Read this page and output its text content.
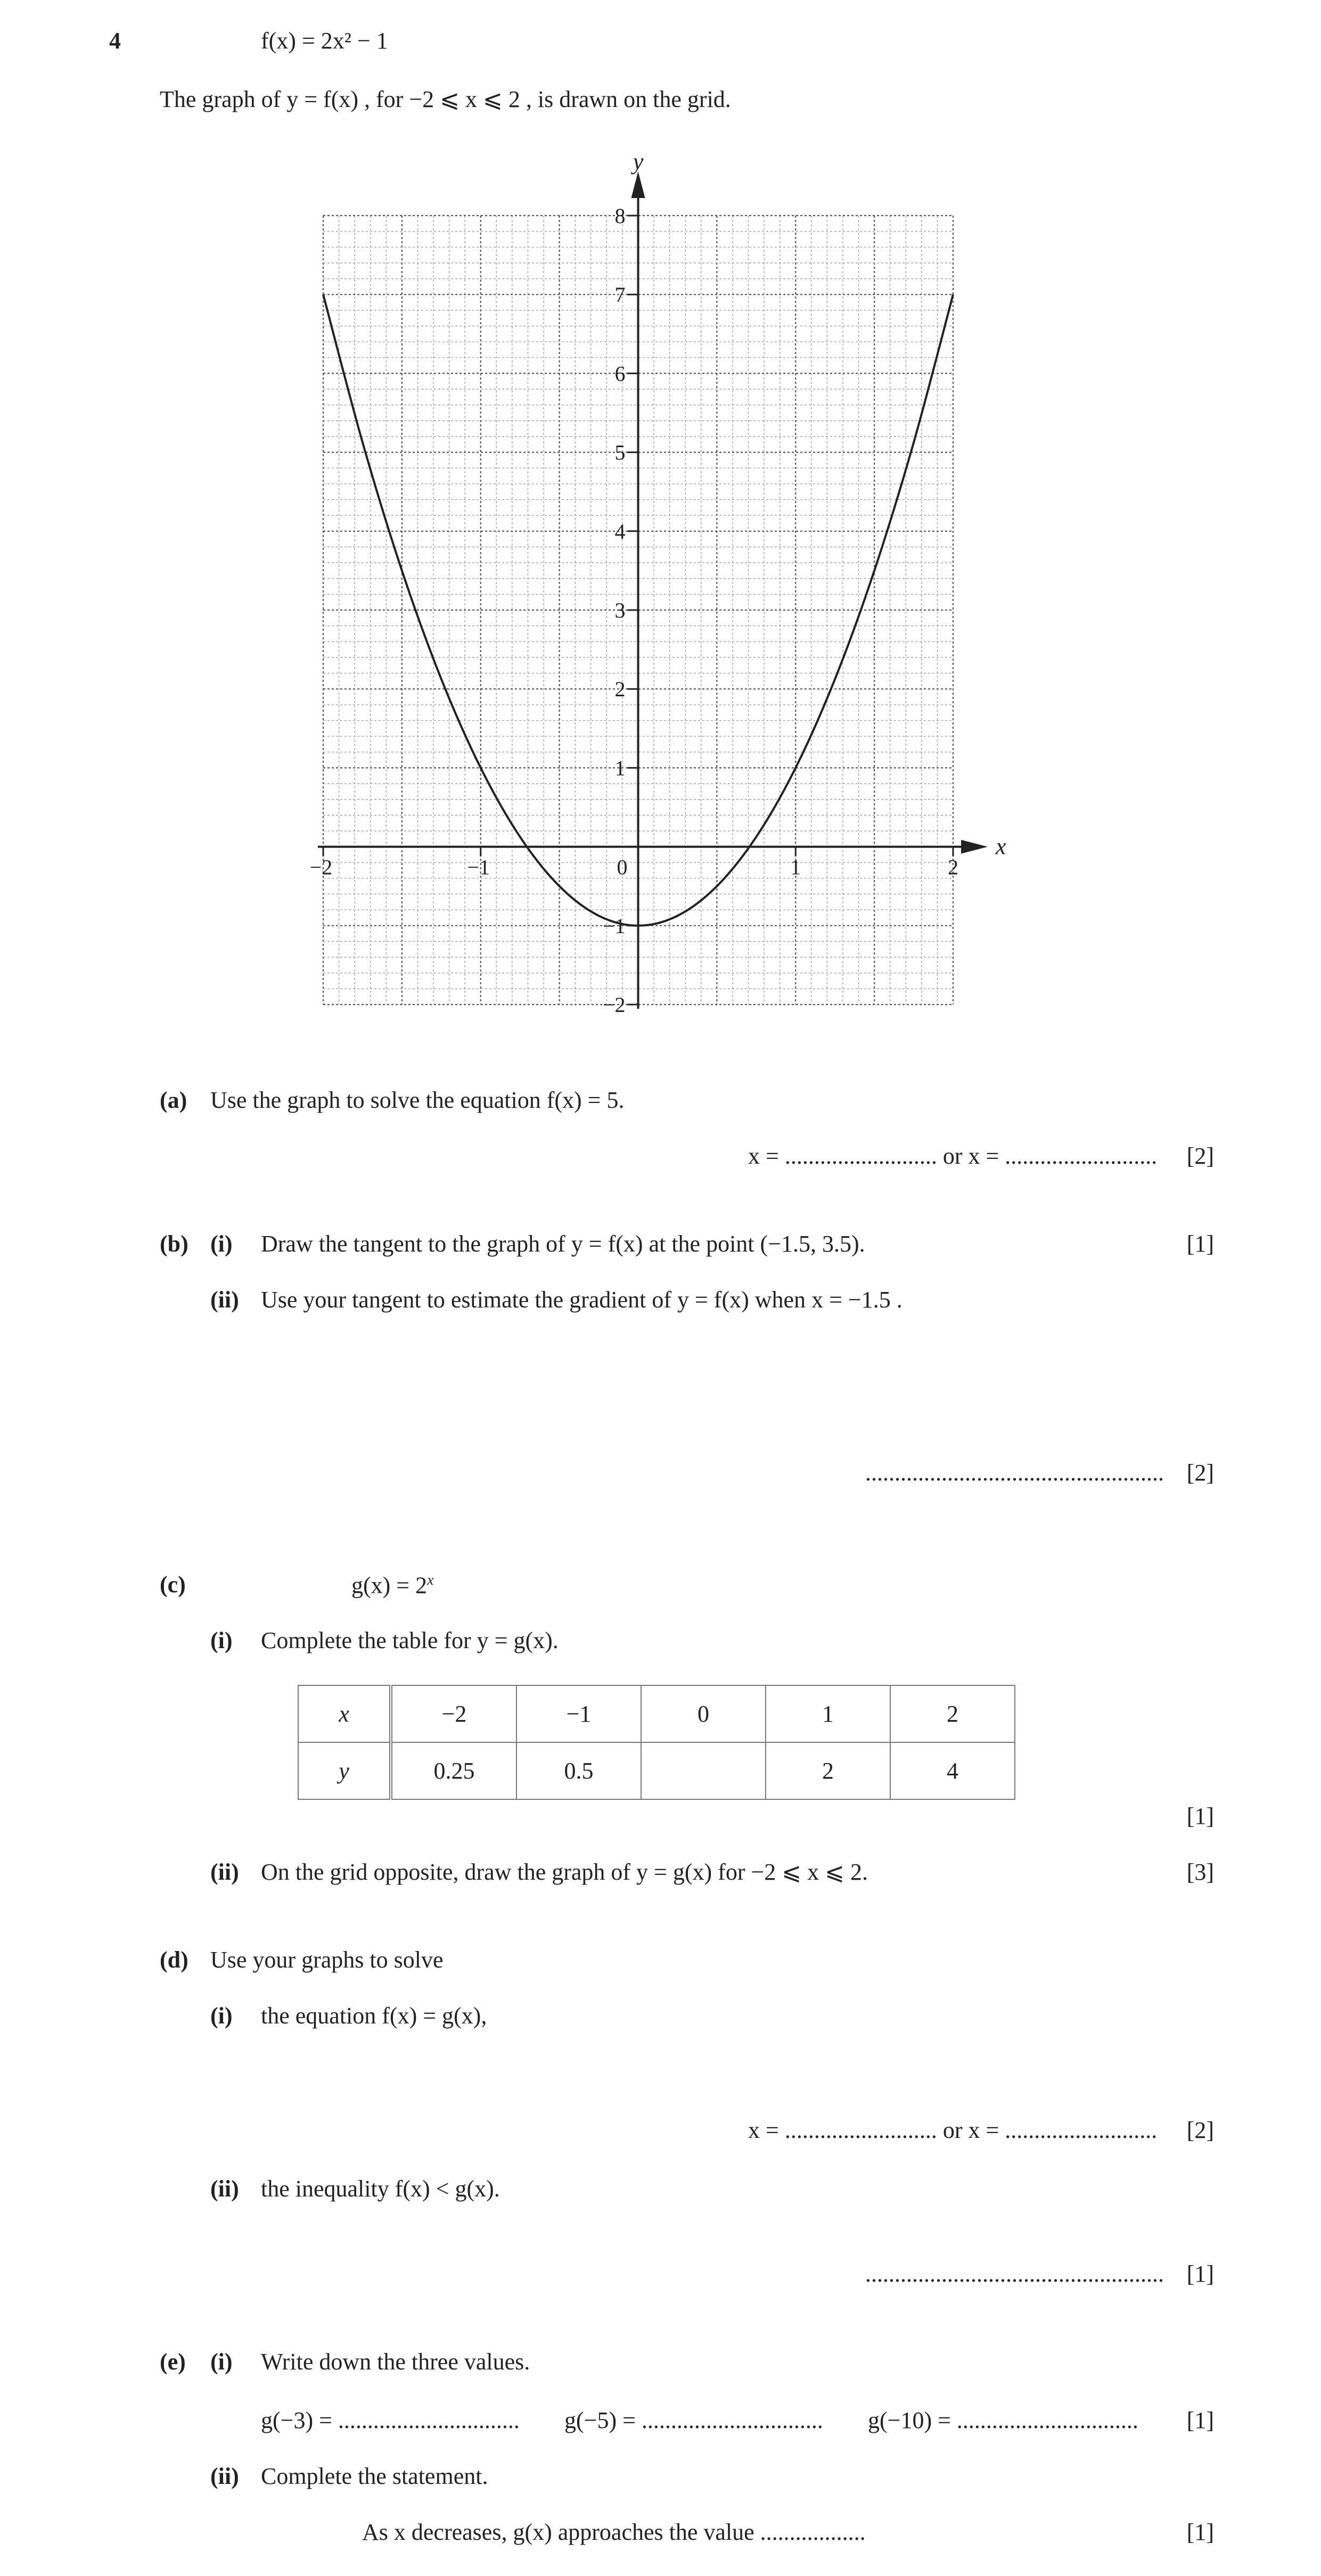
4	f(x) = 2x² − 1
The graph of y = f(x) , for −2 ⩽ x ⩽ 2 , is drawn on the grid.
−2	−1	0	1	2
−2
−1
1
2
3
4
5
6
7
8
x
y
(a) Use the graph to solve the equation f(x) = 5.
x = .......................... or x = ..........................	[2]
(b) (i) Draw the tangent to the graph of y = f(x) at the point (−1.5, 3.5).	[1]
(ii) Use your tangent to estimate the gradient of y = f(x) when x = −1.5 .
................................................... [2]
(c)	$g(x) = 2^x$
(i) Complete the table for y = g(x).
x	−2	−1	0	1	2
y	0.25	0.5		2	4
[1]
(ii) On the grid opposite, draw the graph of y = g(x) for −2 ⩽ x ⩽ 2.	[3]
(d) Use your graphs to solve
(i) the equation f(x) = g(x),
x = .......................... or x = ..........................	[2]
(ii) the inequality f(x) < g(x).
................................................... [1]
(e) (i) Write down the three values.
g(−3) = ............................... g(−5) = ............................... g(−10) = ...............................	[1]
(ii) Complete the statement.
As x decreases, g(x) approaches the value ..................	[1]
